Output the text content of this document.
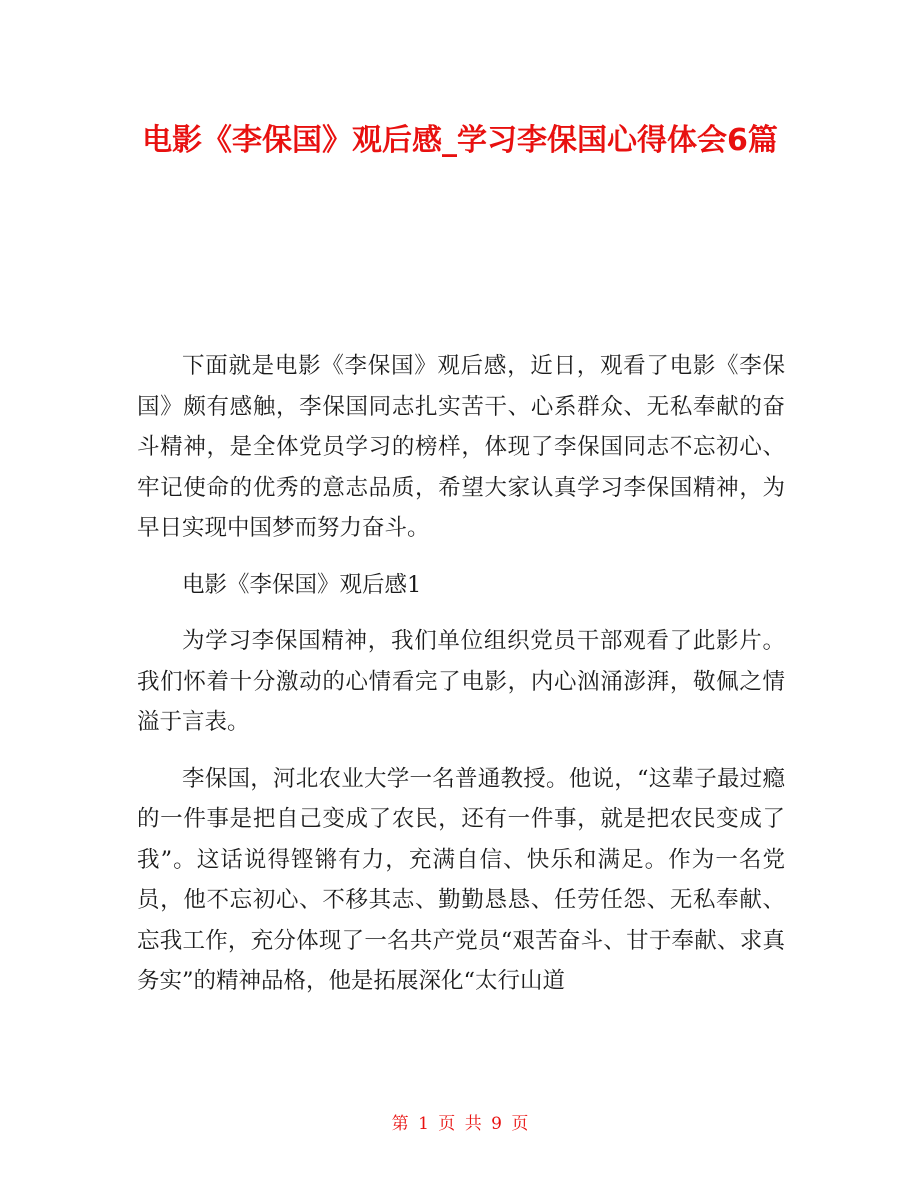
电影《李保国》观后感_学习李保国心得体会6篇

下面就是电影《李保国》观后感，近日，观看了电影《李保国》颇有感触，李保国同志扎实苦干、心系群众、无私奉献的奋斗精神，是全体党员学习的榜样，体现了李保国同志不忘初心、牢记使命的优秀的意志品质，希望大家认真学习李保国精神，为早日实现中国梦而努力奋斗。

电影《李保国》观后感1

为学习李保国精神，我们单位组织党员干部观看了此影片。我们怀着十分激动的心情看完了电影，内心汹涌澎湃，敬佩之情溢于言表。

李保国，河北农业大学一名普通教授。他说，“这辈子最过瘾的一件事是把自己变成了农民，还有一件事，就是把农民变成了我”。这话说得铿锵有力，充满自信、快乐和满足。作为一名党员，他不忘初心、不移其志、勤勤恳恳、任劳任怨、无私奉献、忘我工作，充分体现了一名共产党员“艰苦奋斗、甘于奉献、求真务实”的精神品格，他是拓展深化“太行山道

第 1 页 共 9 页
